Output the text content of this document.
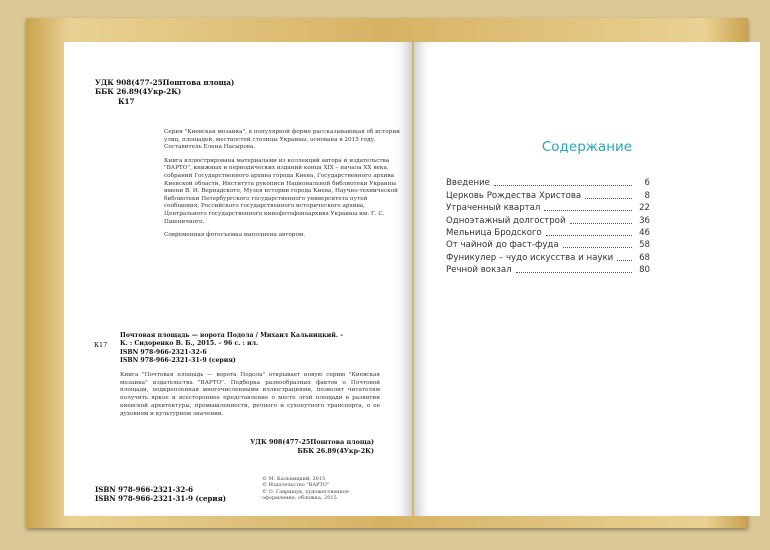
УДК 908(477-25Поштова площа)
ББК 26.89(4Укр-2К)
К17

Серия "Киевская мозаика", в популярной форме рассказывающая об истории улиц, площадей, местностей столицы Украины, основана в 2015 году. Составитель Елена Насырова.

Книга иллюстрирована материалами из коллекций автора и издательства "ВАРТО", книжных и периодических изданий конца XIX – начала XX века, собраний Государственного архива города Киева, Государственного архива Киевской области, Института рукописи Национальной библиотеки Украины имени В. И. Вернадского, Музея истории города Киева, Научно-технической библиотеки Петербургского государственного университета путей сообщения, Российского государственного исторического архива, Центрального государственного кинофотофоноархива Украины им. Г. С. Пшеничного.

Современная фотосъемка выполнена автором.

К17
Почтовая площадь — ворота Подола / Михаил Кальницкий. –
К. : Сидоренко В. Б., 2015. – 96 с. : ил.
ISBN 978-966-2321-32-6
ISBN 978-966-2321-31-9 (серия)
Книга "Почтовая площадь — ворота Подола" открывает новую серию "Киевская мозаика" издательства "ВАРТО". Подборка разнообразных фактов о Почтовой площади, подкрепленная многочисленными иллюстрациями, позволит читателям получить яркое и всестороннее представление о месте этой площади в развитии киевской архитектуры, промышленности, речного и сухопутного транспорта, о ее духовном и культурном значении.
УДК 908(477-25Поштова площа)
ББК 26.89(4Укр-2К)
ISBN 978-966-2321-32-6
ISBN 978-966-2321-31-9 (серия)
© М. Кальницкий, 2015
© Издательство "ВАРТО"
© О. Гавришук, художественное
оформление, обложка, 2015
Содержание
Введение	6
Церковь Рождества Христова	8
Утраченный квартал	22
Одноэтажный долгострой	36
Мельница Бродского	46
От чайной до фаст-фуда	58
Фуникулер – чудо искусства и науки	68
Речной вокзал	80
